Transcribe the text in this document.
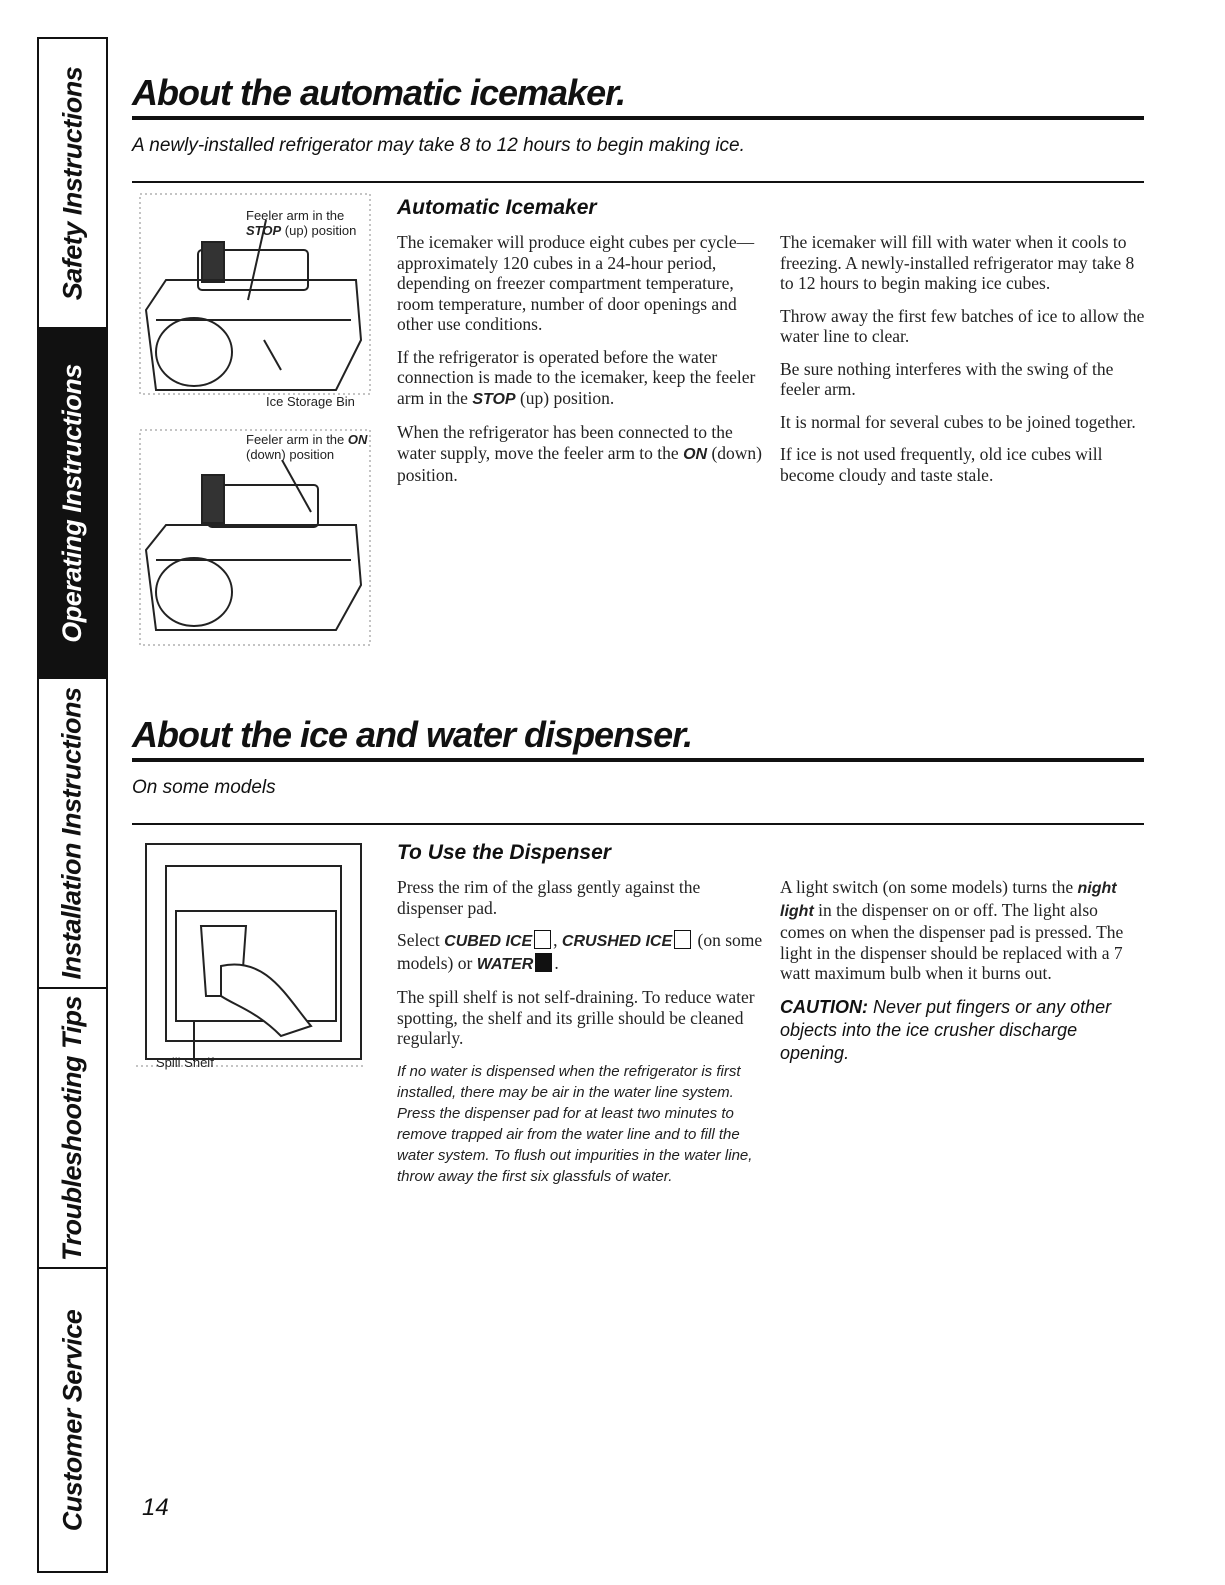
Safety Instructions
Operating Instructions
Installation Instructions
Troubleshooting Tips
Customer Service
About the automatic icemaker.

A newly-installed refrigerator may take 8 to 12 hours to begin making ice.

Feeler arm in the
STOP (up) position
Ice Storage Bin
Feeler arm in the ON
(down) position
Automatic Icemaker

The icemaker will produce eight cubes per cycle—approximately 120 cubes in a 24-hour period, depending on freezer compartment temperature, room temperature, number of door openings and other use conditions.

If the refrigerator is operated before the water connection is made to the icemaker, keep the feeler arm in the STOP (up) position.

When the refrigerator has been connected to the water supply, move the feeler arm to the ON (down) position.

The icemaker will fill with water when it cools to freezing. A newly-installed refrigerator may take 8 to 12 hours to begin making ice cubes.

Throw away the first few batches of ice to allow the water line to clear.

Be sure nothing interferes with the swing of the feeler arm.

It is normal for several cubes to be joined together.

If ice is not used frequently, old ice cubes will become cloudy and taste stale.

About the ice and water dispenser.

On some models

Spill Shelf
To Use the Dispenser

Press the rim of the glass gently against the dispenser pad.

Select CUBED ICE , CRUSHED ICE (on some models) or WATER .

The spill shelf is not self-draining. To reduce water spotting, the shelf and its grille should be cleaned regularly.

If no water is dispensed when the refrigerator is first installed, there may be air in the water line system. Press the dispenser pad for at least two minutes to remove trapped air from the water line and to fill the water system. To flush out impurities in the water line, throw away the first six glassfuls of water.

A light switch (on some models) turns the night light in the dispenser on or off. The light also comes on when the dispenser pad is pressed. The light in the dispenser should be replaced with a 7 watt maximum bulb when it burns out.

CAUTION: Never put fingers or any other objects into the ice crusher discharge opening.

14
